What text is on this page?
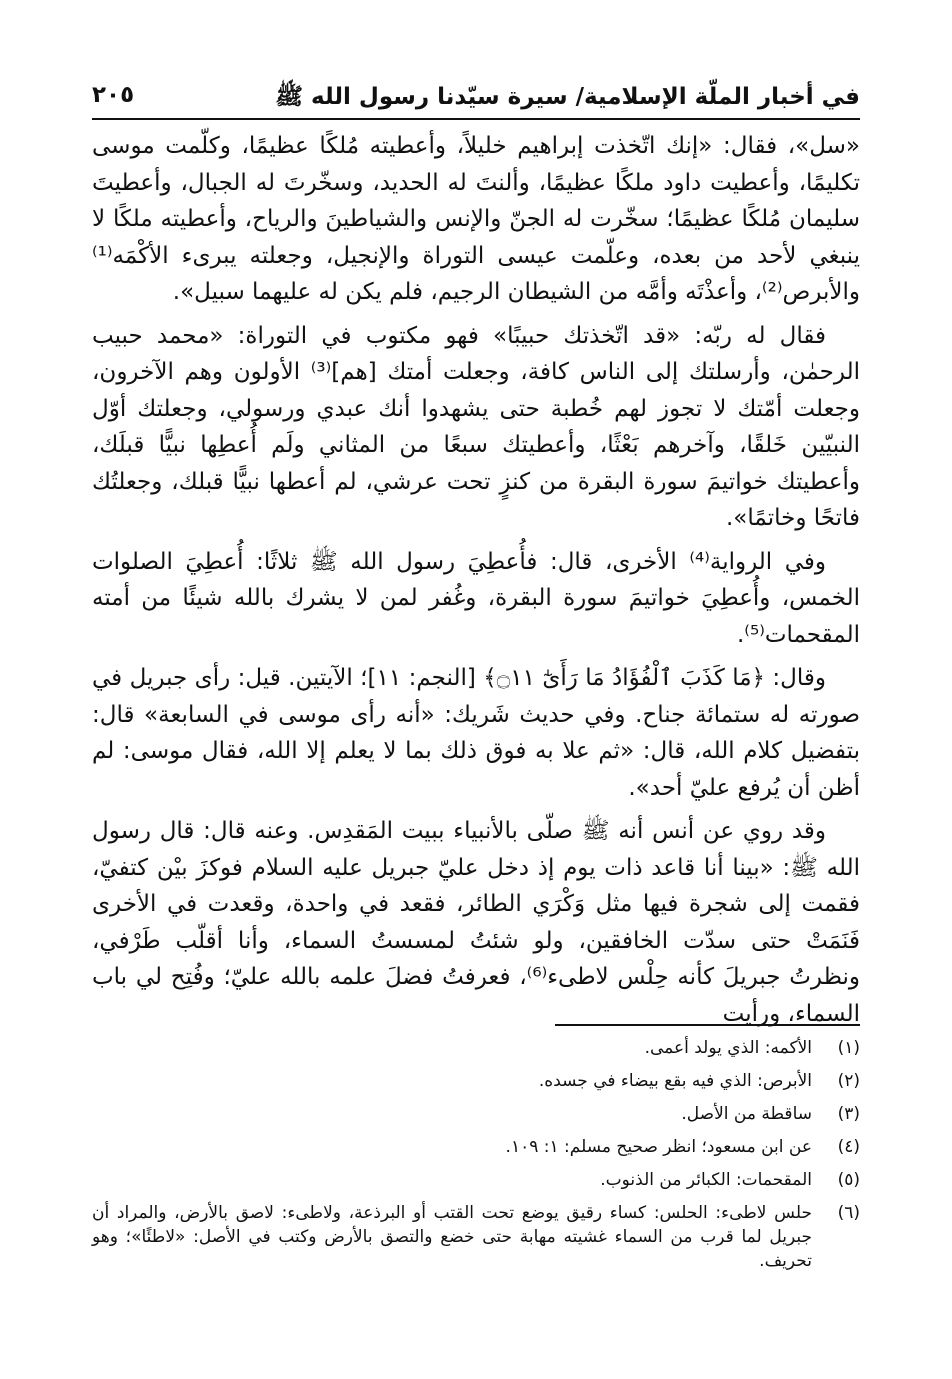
في أخبار الملّة الإسلامية/ سيرة سيّدنا رسول الله ﷺ
٢٠٥

«سل»، فقال: «إنك اتّخذت إبراهيم خليلاً، وأعطيته مُلكًا عظيمًا، وكلّمت موسى تكليمًا، وأعطيت داود ملكًا عظيمًا، وألنتَ له الحديد، وسخّرتَ له الجبال، وأعطيتَ سليمان مُلكًا عظيمًا؛ سخّرت له الجنّ والإنس والشياطينَ والرياح، وأعطيته ملكًا لا ينبغي لأحد من بعده، وعلّمت عيسى التوراة والإنجيل، وجعلته يبرىء الأكْمَه⁽¹⁾ والأبرص⁽²⁾، وأعذْتَه وأمَّه من الشيطان الرجيم، فلم يكن له عليهما سبيل».

فقال له ربّه: «قد اتّخذتك حبيبًا» فهو مكتوب في التوراة: «محمد حبيب الرحمٰن، وأرسلتك إلى الناس كافة، وجعلت أمتك [هم]⁽³⁾ الأولون وهم الآخرون، وجعلت أمّتك لا تجوز لهم خُطبة حتى يشهدوا أنك عبدي ورسولي، وجعلتك أوّل النبيّين خَلقًا، وآخرهم بَعْثًا، وأعطيتك سبعًا من المثاني ولَم أُعطِها نبيًّا قبلَك، وأعطيتك خواتيمَ سورة البقرة من كنزٍ تحت عرشي، لم أعطها نبيًّا قبلك، وجعلتُك فاتحًا وخاتمًا».

وفي الرواية⁽⁴⁾ الأخرى، قال: فأُعطِيَ رسول الله ﷺ ثلاثًا: أُعطِيَ الصلوات الخمس، وأُعطِيَ خواتيمَ سورة البقرة، وغُفر لمن لا يشرك بالله شيئًا من أمته المقحمات⁽⁵⁾.

وقال: ﴿مَا كَذَبَ ٱلْفُؤَادُ مَا رَأَىٰٓ ۝١١﴾ [النجم: ١١]؛ الآيتين. قيل: رأى جبريل في صورته له ستمائة جناح. وفي حديث شَريك: «أنه رأى موسى في السابعة» قال: بتفضيل كلام الله، قال: «ثم علا به فوق ذلك بما لا يعلم إلا الله، فقال موسى: لم أظن أن يُرفع عليّ أحد».

وقد روي عن أنس أنه ﷺ صلّى بالأنبياء ببيت المَقدِس. وعنه قال: قال رسول الله ﷺ: «بينا أنا قاعد ذات يوم إذ دخل عليّ جبريل عليه السلام فوكزَ بيْن كتفيّ، فقمت إلى شجرة فيها مثل وَكْرَي الطائر، فقعد في واحدة، وقعدت في الأخرى فَنَمَتْ حتى سدّت الخافقين، ولو شئتُ لمسستُ السماء، وأنا أقلّب طَرْفي، ونظرتُ جبريلَ كأنه حِلْس لاطىء⁽⁶⁾، فعرفتُ فضلَ علمه بالله عليّ؛ وفُتِح لي باب السماء، ورأيت

(١)
الأكمه: الذي يولد أعمى.
(٢)
الأبرص: الذي فيه بقع بيضاء في جسده.
(٣)
ساقطة من الأصل.
(٤)
عن ابن مسعود؛ انظر صحيح مسلم: ١: ١٠٩.
(٥)
المقحمات: الكبائر من الذنوب.
(٦)
حلس لاطىء: الحلس: كساء رقيق يوضع تحت القتب أو البرذعة، ولاطىء: لاصق بالأرض، والمراد أن جبريل لما قرب من السماء غشيته مهابة حتى خضع والتصق بالأرض وكتب في الأصل: «لاطئًا»؛ وهو تحريف.
